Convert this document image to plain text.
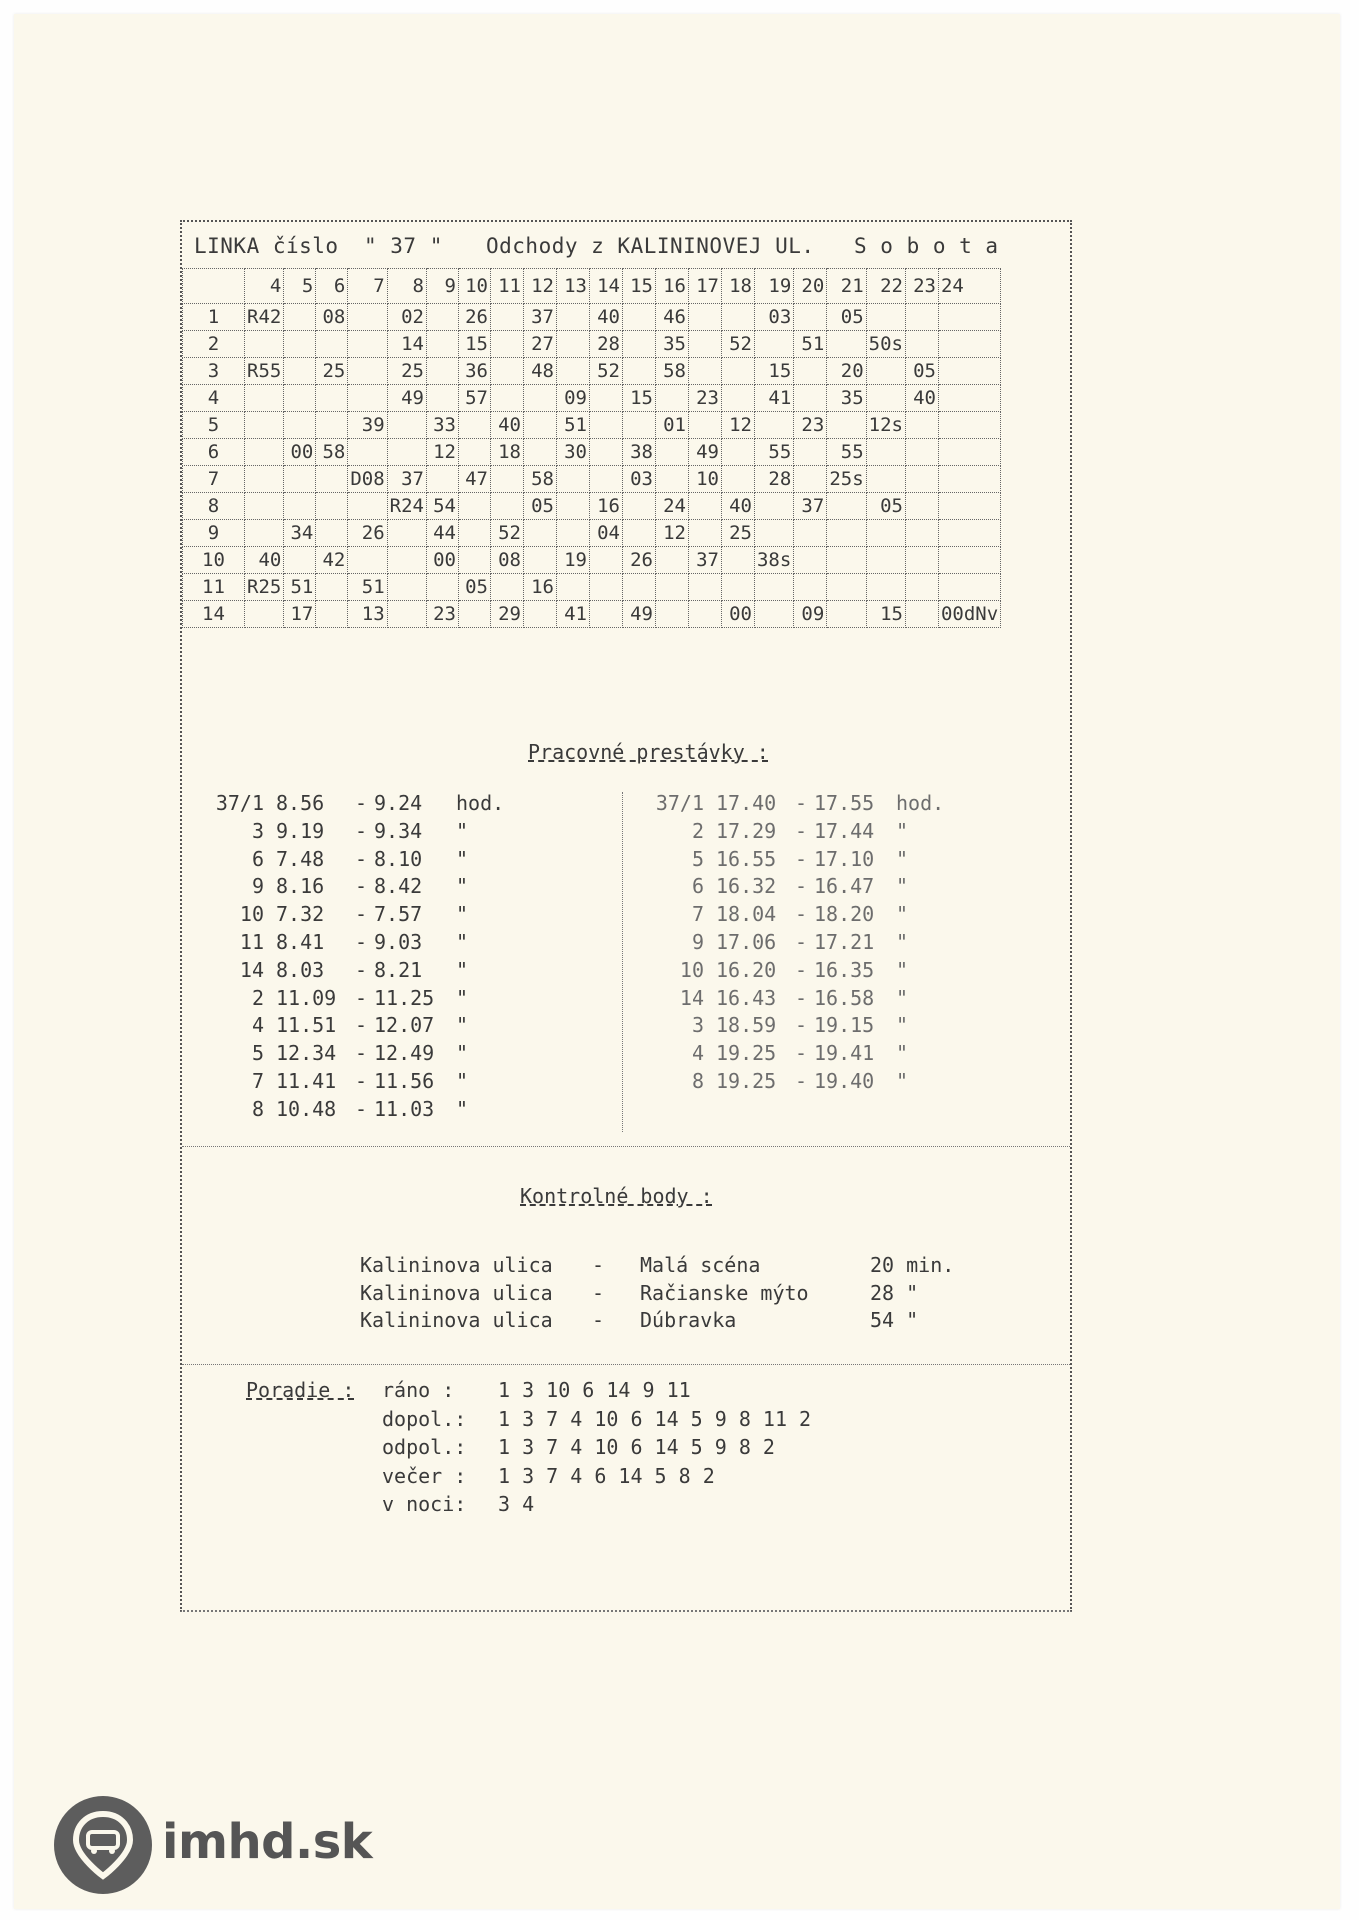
LINKA číslo " 37 " Odchody z KALININOVEJ UL. S o b o t a
	4	5	6	7	8	9	10	11	12	13	14	15	16	17	18	19	20	21	22	23	24
1	R42		08		02		26		37		40		46			03		05			
2					14		15		27		28		35		52		51		50s		
3	R55		25		25		36		48		52		58			15		20		05	
4					49		57			09		15		23		41		35		40	
5				39		33		40		51			01		12		23		12s		
6		00	58			12		18		30		38		49		55		55			
7				D08	37		47		58			03		10		28		25s			
8					R24	54			05		16		24		40		37		05		
9		34		26		44		52			04		12		25						
10	40		42			00		08		19		26		37		38s					
11	R25	51		51			05		16												
14		17		13		23		29		41		49			00		09		15		00dNv
Pracovné prestávky :
37/1 8.56 - 9.24 hod.
3 9.19 - 9.34 "
6 7.48 - 8.10 "
9 8.16 - 8.42 "
10 7.32 - 7.57 "
11 8.41 - 9.03 "
14 8.03 - 8.21 "
2 11.09 - 11.25 "
4 11.51 - 12.07 "
5 12.34 - 12.49 "
7 11.41 - 11.56 "
8 10.48 - 11.03 "
37/1 17.40 - 17.55 hod.
2 17.29 - 17.44 "
5 16.55 - 17.10 "
6 16.32 - 16.47 "
7 18.04 - 18.20 "
9 17.06 - 17.21 "
10 16.20 - 16.35 "
14 16.43 - 16.58 "
3 18.59 - 19.15 "
4 19.25 - 19.41 "
8 19.25 - 19.40 "
Kontrolné body :
Kalininova ulica - Malá scéna	20 min.
Kalininova ulica - Račianske mýto	28 "
Kalininova ulica - Dúbravka	54 "
Poradie : ráno : 1 3 10 6 14 9 11
dopol.: 1 3 7 4 10 6 14 5 9 8 11 2
odpol.: 1 3 7 4 10 6 14 5 9 8 2
večer : 1 3 7 4 6 14 5 8 2
v noci: 3 4
imhd.sk
